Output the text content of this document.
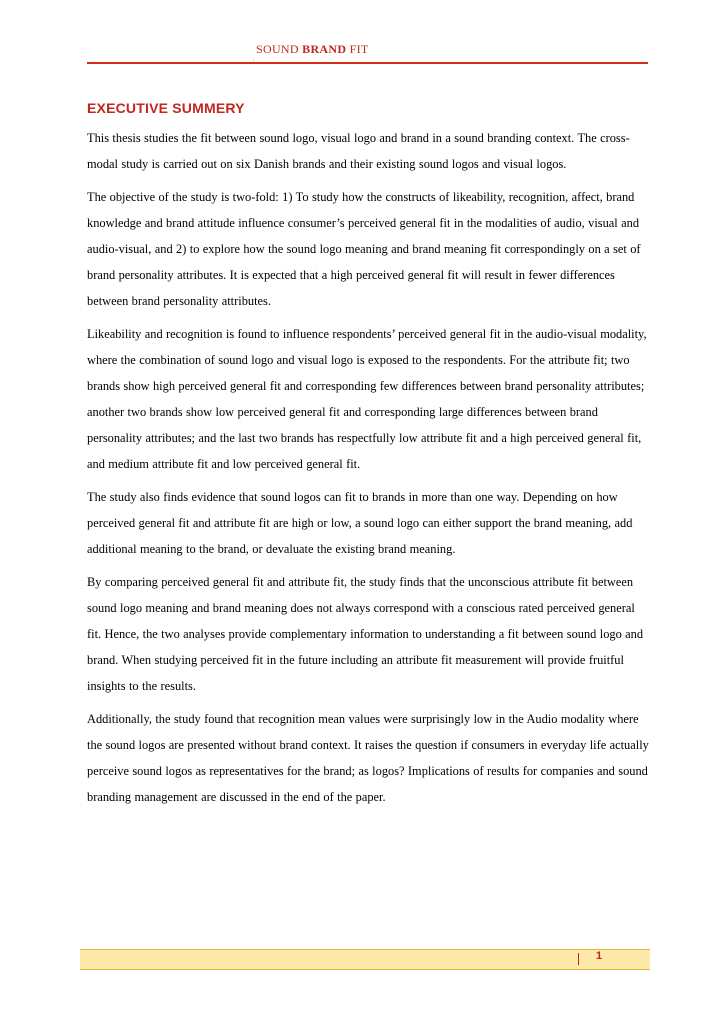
SOUND BRAND FIT
EXECUTIVE SUMMERY

This thesis studies the fit between sound logo, visual logo and brand in a sound branding context. The cross-modal study is carried out on six Danish brands and their existing sound logos and visual logos.

The objective of the study is two-fold: 1) To study how the constructs of likeability, recognition, affect, brand knowledge and brand attitude influence consumer’s perceived general fit in the modalities of audio, visual and audio-visual, and 2) to explore how the sound logo meaning and brand meaning fit correspondingly on a set of brand personality attributes. It is expected that a high perceived general fit will result in fewer differences between brand personality attributes.

Likeability and recognition is found to influence respondents’ perceived general fit in the audio-visual modality, where the combination of sound logo and visual logo is exposed to the respondents. For the attribute fit; two brands show high perceived general fit and corresponding few differences between brand personality attributes; another two brands show low perceived general fit and corresponding large differences between brand personality attributes; and the last two brands has respectfully low attribute fit and a high perceived general fit, and medium attribute fit and low perceived general fit.

The study also finds evidence that sound logos can fit to brands in more than one way. Depending on how perceived general fit and attribute fit are high or low, a sound logo can either support the brand meaning, add additional meaning to the brand, or devaluate the existing brand meaning.

By comparing perceived general fit and attribute fit, the study finds that the unconscious attribute fit between sound logo meaning and brand meaning does not always correspond with a conscious rated perceived general fit. Hence, the two analyses provide complementary information to understanding a fit between sound logo and brand. When studying perceived fit in the future including an attribute fit measurement will provide fruitful insights to the results.

Additionally, the study found that recognition mean values were surprisingly low in the Audio modality where the sound logos are presented without brand context. It raises the question if consumers in everyday life actually perceive sound logos as representatives for the brand; as logos? Implications of results for companies and sound branding management are discussed in the end of the paper.

1
